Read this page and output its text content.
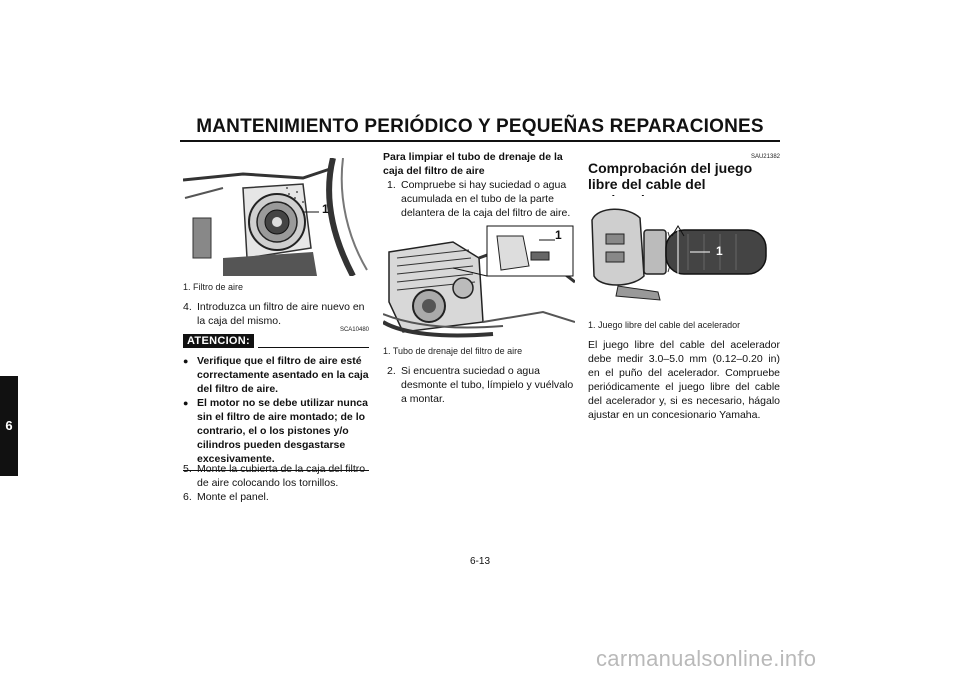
MANTENIMIENTO PERIÓDICO Y PEQUEÑAS REPARACIONES
6
1
1. Filtro de aire
4. Introduzca un filtro de aire nuevo en la caja del mismo.
SCA10480
ATENCION:
● Verifique que el filtro de aire esté correctamente asentado en la caja del filtro de aire.
● El motor no se debe utilizar nunca sin el filtro de aire montado; de lo contrario, el o los pistones y/o cilindros pueden desgastarse excesivamente.
5. Monte la cubierta de la caja del filtro de aire colocando los tornillos.
6. Monte el panel.
Para limpiar el tubo de drenaje de la caja del filtro de aire
1. Compruebe si hay suciedad o agua acumulada en el tubo de la parte delantera de la caja del filtro de aire.
1
1. Tubo de drenaje del filtro de aire
2. Si encuentra suciedad o agua desmonte el tubo, límpielo y vuélvalo a montar.
SAU21382
Comprobación del juego libre del cable del
1
1. Juego libre del cable del acelerador
El juego libre del cable del acelerador debe medir 3.0–5.0 mm (0.12–0.20 in) en el puño del acelerador. Compruebe periódicamente el juego libre del cable del acelerador y, si es necesario, hágalo ajustar en un concesionario Yamaha.
6-13
carmanualsonline.info
